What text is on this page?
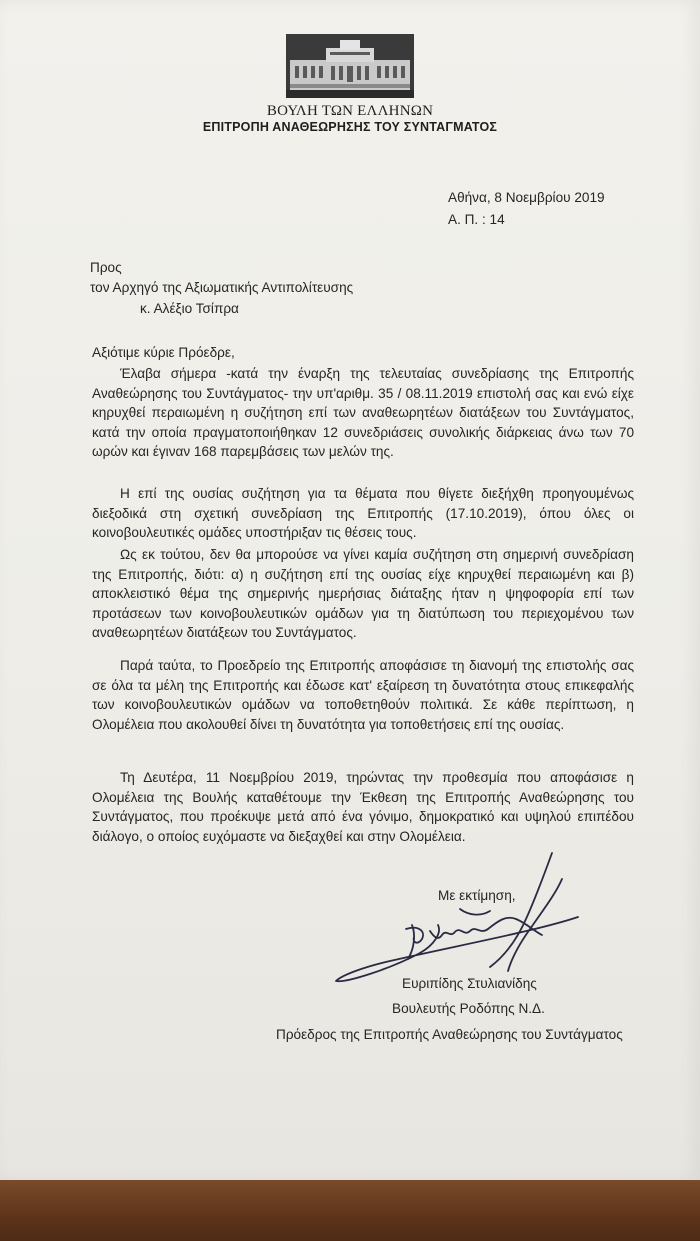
ΒΟΥΛΗ ΤΩΝ ΕΛΛΗΝΩΝ
ΕΠΙΤΡΟΠΗ ΑΝΑΘΕΩΡΗΣΗΣ ΤΟΥ ΣΥΝΤΑΓΜΑΤΟΣ
Αθήνα, 8 Νοεμβρίου 2019
Α. Π. : 14
Προς
τον Αρχηγό της Αξιωματικής Αντιπολίτευσης
κ. Αλέξιο Τσίπρα
Αξιότιμε κύριε Πρόεδρε,
Έλαβα σήμερα -κατά την έναρξη της τελευταίας συνεδρίασης της Επιτροπής Αναθεώρησης του Συντάγματος- την υπ'αριθμ. 35 / 08.11.2019 επιστολή σας και ενώ είχε κηρυχθεί περαιωμένη η συζήτηση επί των αναθεωρητέων διατάξεων του Συντάγματος, κατά την οποία πραγματοποιήθηκαν 12 συνεδριάσεις συνολικής διάρκειας άνω των 70 ωρών και έγιναν 168 παρεμβάσεις των μελών της.
Η επί της ουσίας συζήτηση για τα θέματα που θίγετε διεξήχθη προηγουμένως διεξοδικά στη σχετική συνεδρίαση της Επιτροπής (17.10.2019), όπου όλες οι κοινοβουλευτικές ομάδες υποστήριξαν τις θέσεις τους.
Ως εκ τούτου, δεν θα μπορούσε να γίνει καμία συζήτηση στη σημερινή συνεδρίαση της Επιτροπής, διότι: α) η συζήτηση επί της ουσίας είχε κηρυχθεί περαιωμένη και β) αποκλειστικό θέμα της σημερινής ημερήσιας διάταξης ήταν η ψηφοφορία επί των προτάσεων των κοινοβουλευτικών ομάδων για τη διατύπωση του περιεχομένου των αναθεωρητέων διατάξεων του Συντάγματος.
Παρά ταύτα, το Προεδρείο της Επιτροπής αποφάσισε τη διανομή της επιστολής σας σε όλα τα μέλη της Επιτροπής και έδωσε κατ' εξαίρεση τη δυνατότητα στους επικεφαλής των κοινοβουλευτικών ομάδων να τοποθετηθούν πολιτικά. Σε κάθε περίπτωση, η Ολομέλεια που ακολουθεί δίνει τη δυνατότητα για τοποθετήσεις επί της ουσίας.
Τη Δευτέρα, 11 Νοεμβρίου 2019, τηρώντας την προθεσμία που αποφάσισε η Ολομέλεια της Βουλής καταθέτουμε την Έκθεση της Επιτροπής Αναθεώρησης του Συντάγματος, που προέκυψε μετά από ένα γόνιμο, δημοκρατικό και υψηλού επιπέδου διάλογο, ο οποίος ευχόμαστε να διεξαχθεί και στην Ολομέλεια.
Με εκτίμηση,
Ευριπίδης Στυλιανίδης
Βουλευτής Ροδόπης Ν.Δ.
Πρόεδρος της Επιτροπής Αναθεώρησης του Συντάγματος
